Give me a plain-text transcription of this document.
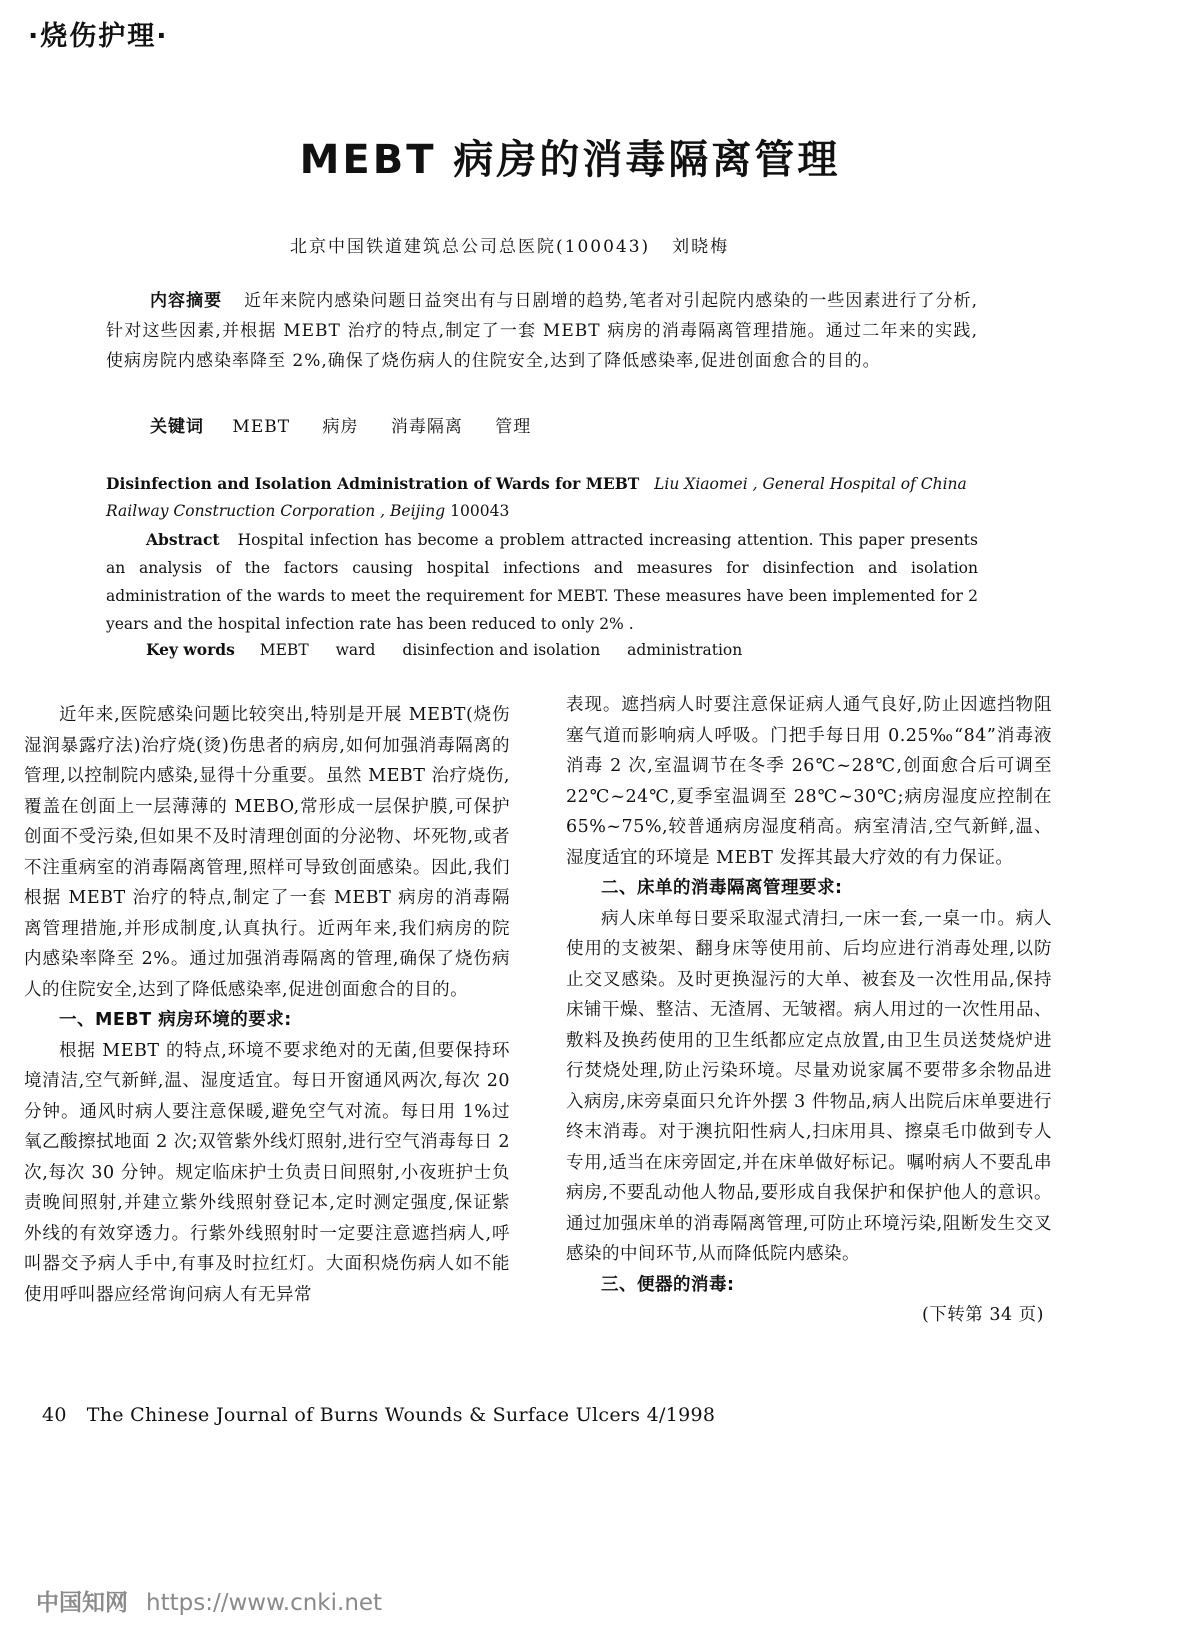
·烧伤护理·
MEBT 病房的消毒隔离管理
北京中国铁道建筑总公司总医院(100043) 刘晓梅
内容摘要 近年来院内感染问题日益突出有与日剧增的趋势,笔者对引起院内感染的一些因素进行了分析,针对这些因素,并根据 MEBT 治疗的特点,制定了一套 MEBT 病房的消毒隔离管理措施。通过二年来的实践,使病房院内感染率降至 2%,确保了烧伤病人的住院安全,达到了降低感染率,促进创面愈合的目的。
关键词 MEBT 病房 消毒隔离 管理
Disinfection and Isolation Administration of Wards for MEBT Liu Xiaomei , General Hospital of China Railway Construction Corporation , Beijing 100043
Abstract Hospital infection has become a problem attracted increasing attention. This paper presents an analysis of the factors causing hospital infections and measures for disinfection and isolation administration of the wards to meet the requirement for MEBT. These measures have been implemented for 2 years and the hospital infection rate has been reduced to only 2% .
Key words MEBT ward disinfection and isolation administration

近年来,医院感染问题比较突出,特别是开展 MEBT(烧伤湿润暴露疗法)治疗烧(烫)伤患者的病房,如何加强消毒隔离的管理,以控制院内感染,显得十分重要。虽然 MEBT 治疗烧伤,覆盖在创面上一层薄薄的 MEBO,常形成一层保护膜,可保护创面不受污染,但如果不及时清理创面的分泌物、坏死物,或者不注重病室的消毒隔离管理,照样可导致创面感染。因此,我们根据 MEBT 治疗的特点,制定了一套 MEBT 病房的消毒隔离管理措施,并形成制度,认真执行。近两年来,我们病房的院内感染率降至 2%。通过加强消毒隔离的管理,确保了烧伤病人的住院安全,达到了降低感染率,促进创面愈合的目的。

一、MEBT 病房环境的要求:

根据 MEBT 的特点,环境不要求绝对的无菌,但要保持环境清洁,空气新鲜,温、湿度适宜。每日开窗通风两次,每次 20 分钟。通风时病人要注意保暖,避免空气对流。每日用 1%过氧乙酸擦拭地面 2 次;双管紫外线灯照射,进行空气消毒每日 2 次,每次 30 分钟。规定临床护士负责日间照射,小夜班护士负责晚间照射,并建立紫外线照射登记本,定时测定强度,保证紫外线的有效穿透力。行紫外线照射时一定要注意遮挡病人,呼叫器交予病人手中,有事及时拉红灯。大面积烧伤病人如不能使用呼叫器应经常询问病人有无异常

表现。遮挡病人时要注意保证病人通气良好,防止因遮挡物阻塞气道而影响病人呼吸。门把手每日用 0.25‰“84”消毒液消毒 2 次,室温调节在冬季 26℃~28℃,创面愈合后可调至 22℃~24℃,夏季室温调至 28℃~30℃;病房湿度应控制在 65%~75%,较普通病房湿度稍高。病室清洁,空气新鲜,温、湿度适宜的环境是 MEBT 发挥其最大疗效的有力保证。

二、床单的消毒隔离管理要求:

病人床单每日要采取湿式清扫,一床一套,一桌一巾。病人使用的支被架、翻身床等使用前、后均应进行消毒处理,以防止交叉感染。及时更换湿污的大单、被套及一次性用品,保持床铺干燥、整洁、无渣屑、无皱褶。病人用过的一次性用品、敷料及换药使用的卫生纸都应定点放置,由卫生员送焚烧炉进行焚烧处理,防止污染环境。尽量劝说家属不要带多余物品进入病房,床旁桌面只允许外摆 3 件物品,病人出院后床单要进行终末消毒。对于澳抗阳性病人,扫床用具、擦桌毛巾做到专人专用,适当在床旁固定,并在床单做好标记。嘱咐病人不要乱串病房,不要乱动他人物品,要形成自我保护和保护他人的意识。通过加强床单的消毒隔离管理,可防止环境污染,阻断发生交叉感染的中间环节,从而降低院内感染。

三、便器的消毒:

(下转第 34 页)

40 The Chinese Journal of Burns Wounds & Surface Ulcers 4/1998
中国知网 https://www.cnki.net
